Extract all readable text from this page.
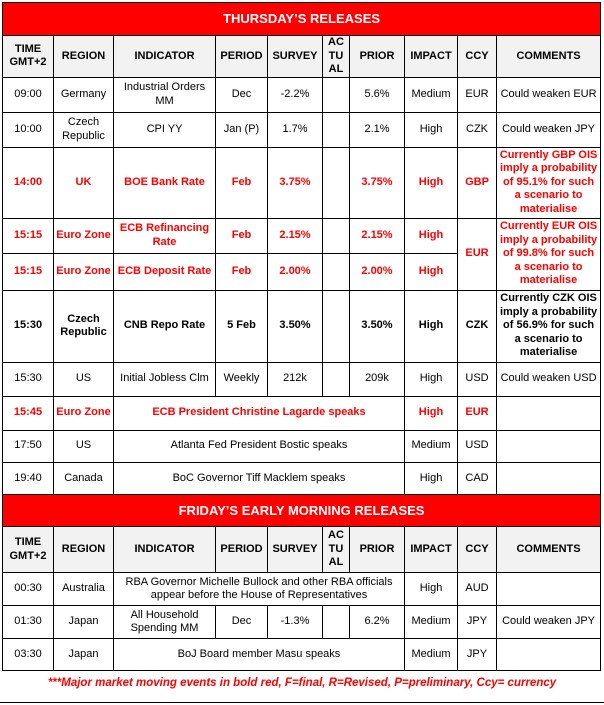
THURSDAY’S RELEASES									
TIME
GMT+2	REGION	INDICATOR	PERIOD	SURVEY	AC
TU
AL	PRIOR	IMPACT	CCY	COMMENTS
09:00	Germany	Industrial Orders MM	Dec	-2.2%		5.6%	Medium	EUR	Could weaken EUR
10:00	Czech Republic	CPI YY	Jan (P)	1.7%		2.1%	High	CZK	Could weaken JPY
14:00	UK	BOE Bank Rate	Feb	3.75%		3.75%	High	GBP	Currently GBP OIS imply a probability of 95.1% for such a scenario to materialise
15:15	Euro Zone	ECB Refinancing Rate	Feb	2.15%		2.15%	High	EUR	Currently EUR OIS imply a probability of 99.8% for such a scenario to materialise
15:15	Euro Zone	ECB Deposit Rate	Feb	2.00%		2.00%	High		
15:30	Czech Republic	CNB Repo Rate	5 Feb	3.50%		3.50%	High	CZK	Currently CZK OIS imply a probability of 56.9% for such a scenario to materialise
15:30	US	Initial Jobless Clm	Weekly	212k		209k	High	USD	Could weaken USD
15:45	Euro Zone	ECB President Christine Lagarde speaks					High	EUR	
17:50	US	Atlanta Fed President Bostic speaks					Medium	USD	
19:40	Canada	BoC Governor Tiff Macklem speaks					High	CAD	
FRIDAY’S EARLY MORNING RELEASES									
TIME
GMT+2	REGION	INDICATOR	PERIOD	SURVEY	AC
TU
AL	PRIOR	IMPACT	CCY	COMMENTS
00:30	Australia	RBA Governor Michelle Bullock and other RBA officials appear before the House of Representatives					High	AUD	
01:30	Japan	All Household Spending MM	Dec	-1.3%		6.2%	Medium	JPY	Could weaken JPY
03:30	Japan	BoJ Board member Masu speaks					Medium	JPY	
***Major market moving events in bold red, F=final, R=Revised, P=preliminary, Ccy= currency
